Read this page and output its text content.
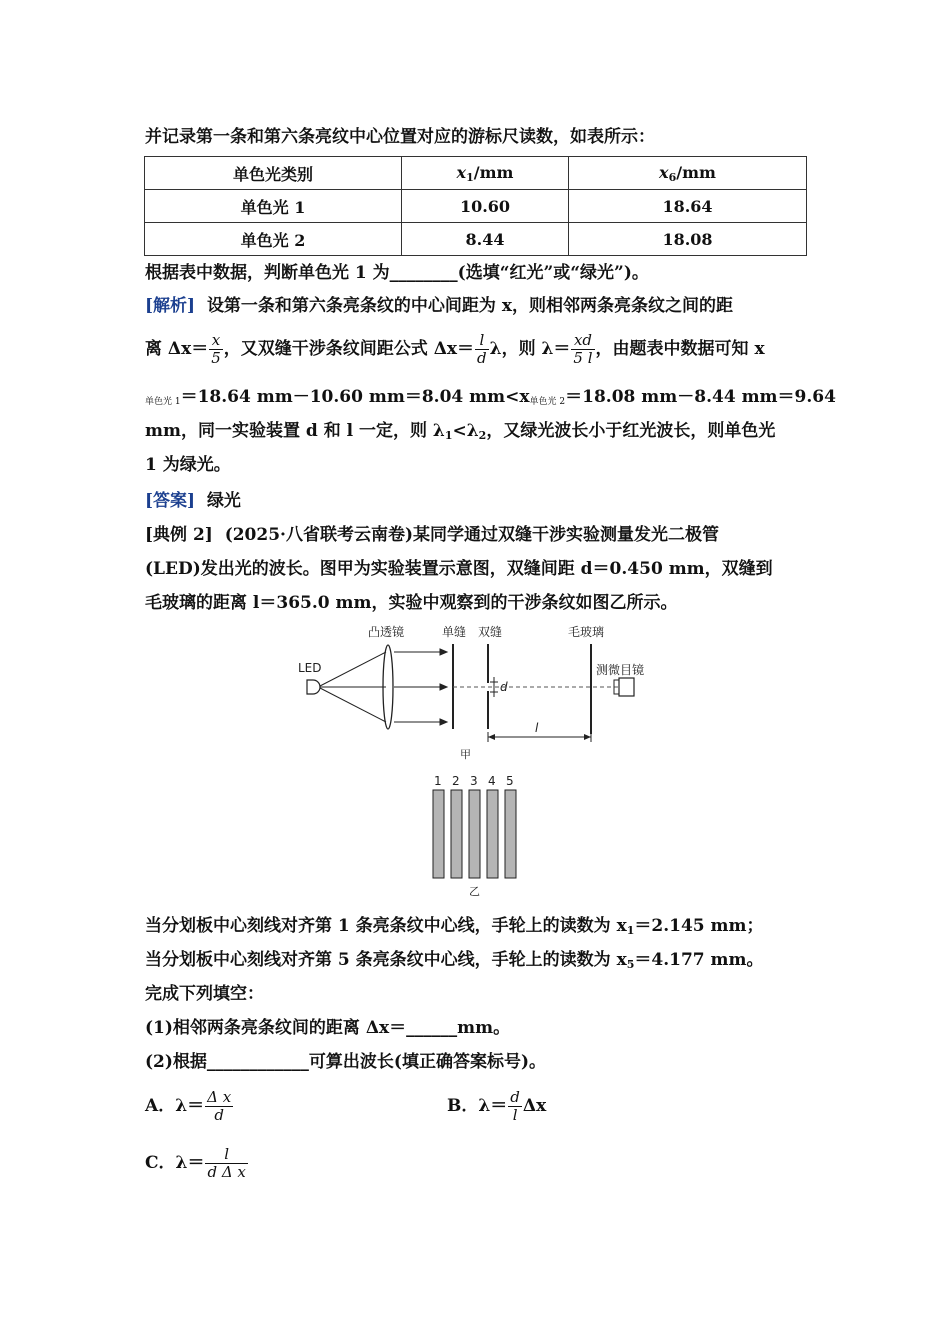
并记录第一条和第六条亮纹中心位置对应的游标尺读数，如表所示：
单色光类别	$x_1/mm$	$x_6/mm$
单色光 1	10.60	18.64
单色光 2	8.44	18.08
根据表中数据，判断单色光 1 为________(选填“红光”或“绿光”)。
[解析] 设第一条和第六条亮条纹的中心间距为 x，则相邻两条亮条纹之间的距
离 $\Delta x= \frac{x}{5}$ ，又双缝干涉条纹间距公式 $\Delta x= \frac{l}{d}$ λ，则 $\lambda= \frac{xd}{5 l}$ ，由题表中数据可知 x
单色光 1＝18.64 mm－10.60 mm＝8.04 mm<x单色光 2＝18.08 mm－8.44 mm＝9.64
mm，同一实验装置 d 和 l 一定，则 $\lambda_1<\lambda_2$，又绿光波长小于红光波长，则单色光
1 为绿光。
[答案] 绿光
[典例 2] (2025·八省联考云南卷)某同学通过双缝干涉实验测量发光二极管
(LED)发出光的波长。图甲为实验装置示意图，双缝间距 d＝0.450 mm，双缝到
毛玻璃的距离 l＝365.0 mm，实验中观察到的干涉条纹如图乙所示。
凸透镜	单缝 双缝	毛玻璃
LED	测微目镜
d
l
甲
1 2 3 4 5
乙
当分划板中心刻线对齐第 1 条亮条纹中心线，手轮上的读数为 $x_1=2.145$ mm；
当分划板中心刻线对齐第 5 条亮条纹中心线，手轮上的读数为 $x_5=4.177$ mm。
完成下列填空：
(1)相邻两条亮条纹间的距离 Δx＝______mm。
(2)根据____________可算出波长(填正确答案标号)。
A．$\lambda= \frac{\text{Δ x}}{d}$	B．$\lambda= \frac{d}{l}$ Δx
C．$\lambda= \frac{l}{\text{d Δ x}}$
